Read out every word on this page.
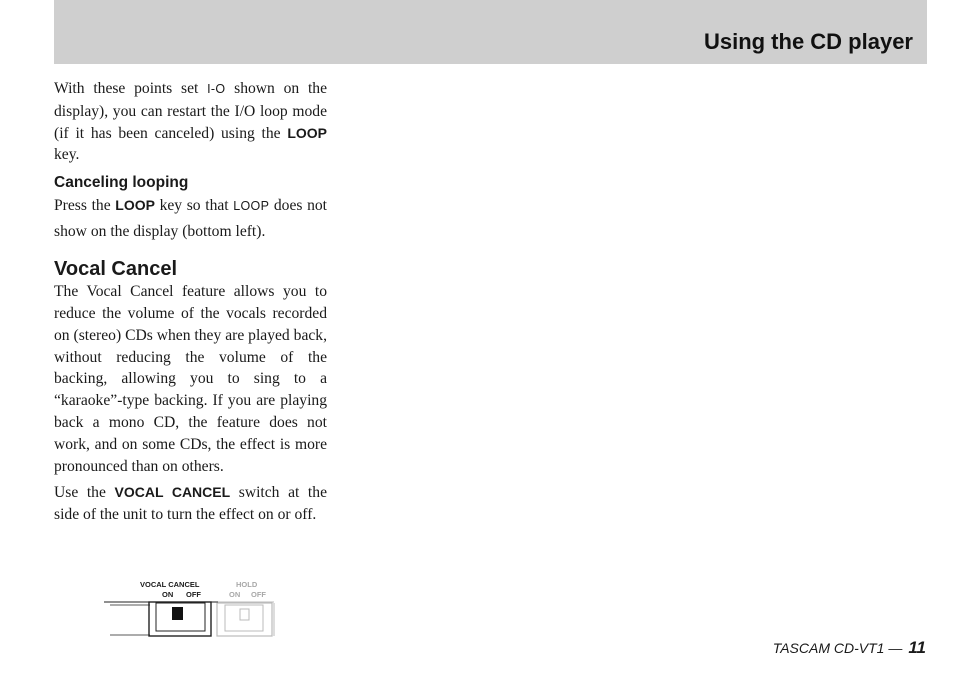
Using the CD player

With these points set I-O shown on the display), you can restart the I/O loop mode (if it has been canceled) using the LOOP key.

Canceling looping

Press the LOOP key so that LOOP does not show on the display (bottom left).

Vocal Cancel

The Vocal Cancel feature allows you to reduce the volume of the vocals recorded on (stereo) CDs when they are played back, without reducing the volume of the backing, allowing you to sing to a “karaoke”-type backing. If you are playing back a mono CD, the feature does not work, and on some CDs, the effect is more pronounced than on others.

Use the VOCAL CANCEL switch at the side of the unit to turn the effect on or off.

VOCAL CANCEL
ON OFF
HOLD
ON OFF
TASCAM CD-VT1 — 11
